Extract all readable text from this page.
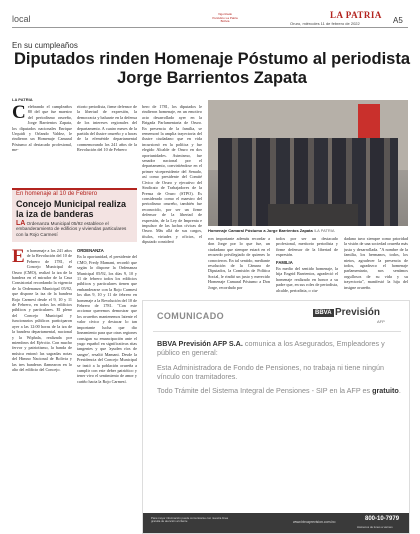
local	Vigorizado
Periódico La Patria Bolivia
LA PATRIA
Oruro, miércoles 11 de febrero de 2022	A5
En su cumpleaños
Diputados rinden Homenaje Póstumo al periodista Jorge Barrientos Zapata
LA PATRIA
C elebrando el cumpleaños 80 del que fue maestro del periodismo orureño, Jorge Barrientos Zapata, los diputados nacionales Enrique Urquidi y Orlando Valdez, le rindieron un Homenaje Camaral Póstumo al destacado profesional, me-
ritorio periodista, firme defensor de la libertad de expresión, la democracia y baluarte en la defensa de los intereses regionales del departamento. A cuatro meses de la partida del ilustre orureño y a horas de la efeméride departamental conmemorando los 241 años de la Revolución del 10 de Febrero
bero de 1781, los diputados le rindieron homenaje, en un emotivo acto desarrollado ayer en la Brigada Parlamentaria de Oruro. En presencia de la familia, se rememoró la amplia trayectoria del ilustre ciudadano que en vida incursionó en la política y fue elegido Alcalde de Oruro en dos oportunidades. Asimismo, fue senador nacional por el departamento, convirtiéndose en el primer vicepresidente del Senado, así como presidente del Comité Cívico de Oruro y ejecutivo del Sindicato de Trabajadores de la Prensa de Oruro (STPO). Es considerado como el maestro del periodismo orureño, también fue reconocido, por ser un firme defensor de la libertad de expresión, de la Ley de Imprenta e impulsor de las luchas cívicas de Oruro. Más allá de sus cargos, títulos, virtudes y oficios, el diputado consideró
Homenaje Camaral Póstumo a Jorge Barrientos Zapata /LA PATRIA
ron importante además recordar a don Jorge por lo que fue, un ciudadano que siempre estará en el recuerdo privilegiado de quienes lo conocieron. En tal sentido, mediante resolución de la Cámara de Diputados, la Comisión de Política Social, le rindió un justo y merecido Homenaje Camaral Póstumo a Don Jorge, recordado por
todos por ser un destacado profesional, meritorio periodista y firme defensor de la libertad de expresión.
FAMILIA
En medio del sentido homenaje, la hija Engrid Barrientos, agradeció el homenaje realizado en honor a su padre que, en sus roles de periodista, alcalde, periodista, o ciu-
dadano tuvo siempre como prioridad la visión de una sociedad orureña más justa y desarrollada. "A nombre de la familia, los hermanos, todos, los nietos, agradecer la presencia de todos, agradezco el homenaje parlamentario, nos sentimos orgullosos de su vida y su trayectoria", manifestó la hija del insigne orureño.
En homenaje al 10 de Febrero
Concejo Municipal realiza la iza de banderas
LA Ordenanza Municipal 05/92 establece el embanderamiento de edificios y viviendas particulares con la Rojo Carmesí
E n homenaje a los 241 años de la Revolución del 10 de Febrero de 1781, el Concejo Municipal de Oruro (CMO), realizó la iza de la bandera en el mirador de la Casa Consistorial recordando la vigencia de la Ordenanza Municipal 05/92, que dispone la iza de la bandera Rojo Carmesí desde el 9, 10 y 11 de Febrero, en todos los edificios públicos y particulares. El pleno del Concejo Municipal y funcionarios públicos participaron ayer a las 12:00 horas de la iza de la bandera departamental, nacional y la Wiphala, realizada por miembros del Ejército. Con mucho fervor y patriotismo, la banda de música entonó las sagradas notas del Himno Nacional de Bolivia y las tres banderas flamearon en lo alto del edificio del Concejo.
ORDENANZA
En la oportunidad, el presidente del CMO, Fredy Mamani, recordó que según lo dispone la Ordenanza Municipal 05/92, los días 9, 10 y 11 de febrero todos los edificios públicos y particulares tienen que embanderarse con la Rojo Carmesí los días 9, 10 y 11 de febrero en homenaje a la Revolución del 10 de Febrero de 1781. "Con este accionar queremos demostrar que los orureños mantenemos latente el valor cívico y destacar lo tan importante lucha que dio lineamiento para que otras regiones consigan su emancipación ante el yugo español en significativas ritas tangentes y que 'ayuden ríos de sangre', resaltó Mamani. Desde la Presidencia del Concejo Municipal se instó a la población orureña a cumplir con este deber patriótico y tener vivo el sentimiento de amor y cariño hacia la Rojo Carmesí.
COMUNICADO	BBVA Previsión
AFP
BBVA Previsión AFP S.A. comunica a los Asegurados, Empleadores y público en general:
Esta Administradora de Fondo de Pensiones, no trabaja ni tiene ningún vínculo con tramitadores.
Todo Trámite del Sistema Integral de Pensiones - SIP en la AFP es gratuito.
Para mayor información puede comunicarse con nuestra línea gratuita de atención al cliente	www.bbvaprevision.com.bo	800-10-7979
Llámenos de lunes a viernes
